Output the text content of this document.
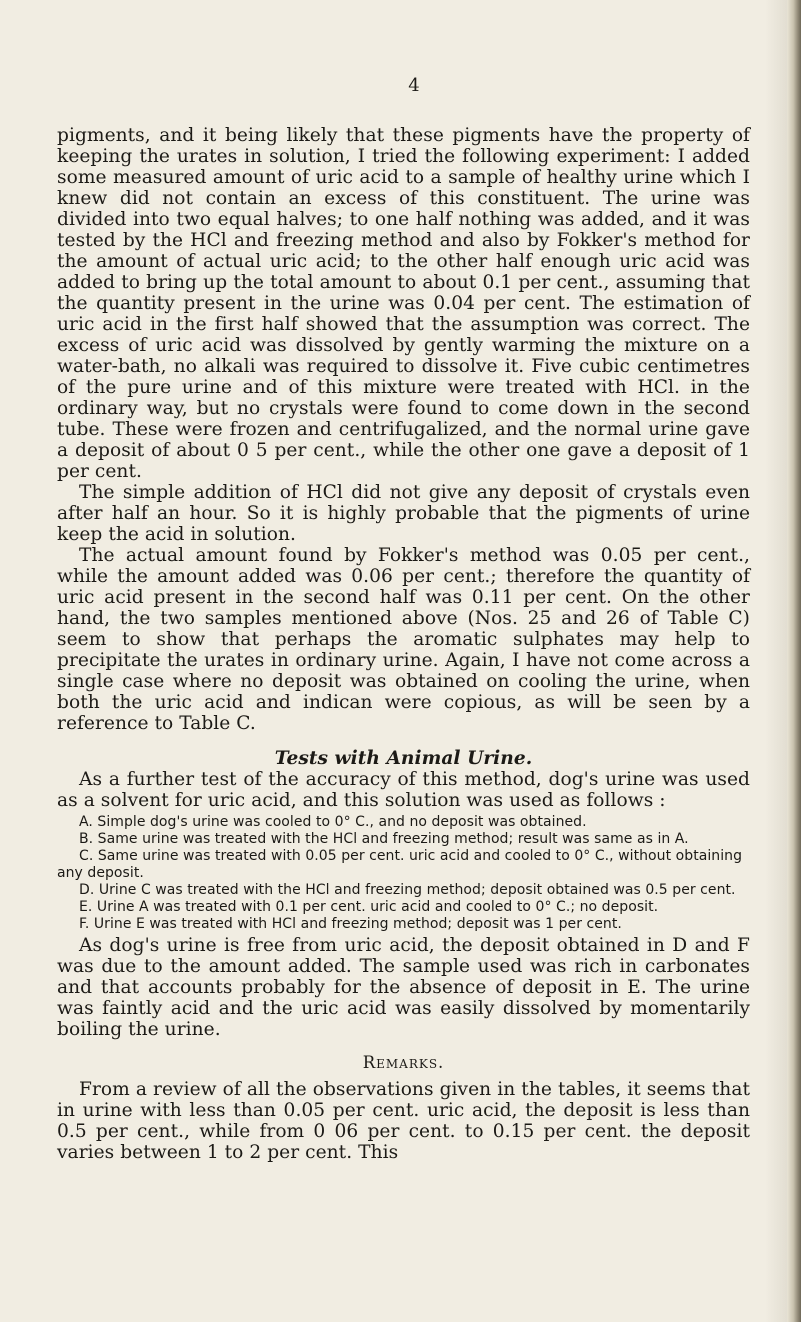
4

pigments, and it being likely that these pigments have the property of keeping the urates in solution, I tried the following experiment: I added some measured amount of uric acid to a sample of healthy urine which I knew did not contain an excess of this constituent. The urine was divided into two equal halves; to one half nothing was added, and it was tested by the HCl and freezing method and also by Fokker's method for the amount of actual uric acid; to the other half enough uric acid was added to bring up the total amount to about 0.1 per cent., assuming that the quantity present in the urine was 0.04 per cent. The estimation of uric acid in the first half showed that the assumption was correct. The excess of uric acid was dissolved by gently warming the mixture on a water-bath, no alkali was required to dissolve it. Five cubic centimetres of the pure urine and of this mixture were treated with HCl. in the ordinary way, but no crystals were found to come down in the second tube. These were frozen and centrifugalized, and the normal urine gave a deposit of about 0 5 per cent., while the other one gave a deposit of 1 per cent.

The simple addition of HCl did not give any deposit of crystals even after half an hour. So it is highly probable that the pigments of urine keep the acid in solution.

The actual amount found by Fokker's method was 0.05 per cent., while the amount added was 0.06 per cent.; therefore the quantity of uric acid present in the second half was 0.11 per cent. On the other hand, the two samples mentioned above (Nos. 25 and 26 of Table C) seem to show that perhaps the aromatic sulphates may help to precipitate the urates in ordinary urine. Again, I have not come across a single case where no deposit was obtained on cooling the urine, when both the uric acid and indican were copious, as will be seen by a reference to Table C.

Tests with Animal Urine.

As a further test of the accuracy of this method, dog's urine was used as a solvent for uric acid, and this solution was used as follows :

A. Simple dog's urine was cooled to 0° C., and no deposit was obtained.

B. Same urine was treated with the HCl and freezing method; result was same as in A.

C. Same urine was treated with 0.05 per cent. uric acid and cooled to 0° C., without obtaining any deposit.

D. Urine C was treated with the HCl and freezing method; deposit obtained was 0.5 per cent.

E. Urine A was treated with 0.1 per cent. uric acid and cooled to 0° C.; no deposit.

F. Urine E was treated with HCl and freezing method; deposit was 1 per cent.

As dog's urine is free from uric acid, the deposit obtained in D and F was due to the amount added. The sample used was rich in carbonates and that accounts probably for the absence of deposit in E. The urine was faintly acid and the uric acid was easily dissolved by momentarily boiling the urine.

Remarks.

From a review of all the observations given in the tables, it seems that in urine with less than 0.05 per cent. uric acid, the deposit is less than 0.5 per cent., while from 0 06 per cent. to 0.15 per cent. the deposit varies between 1 to 2 per cent. This
